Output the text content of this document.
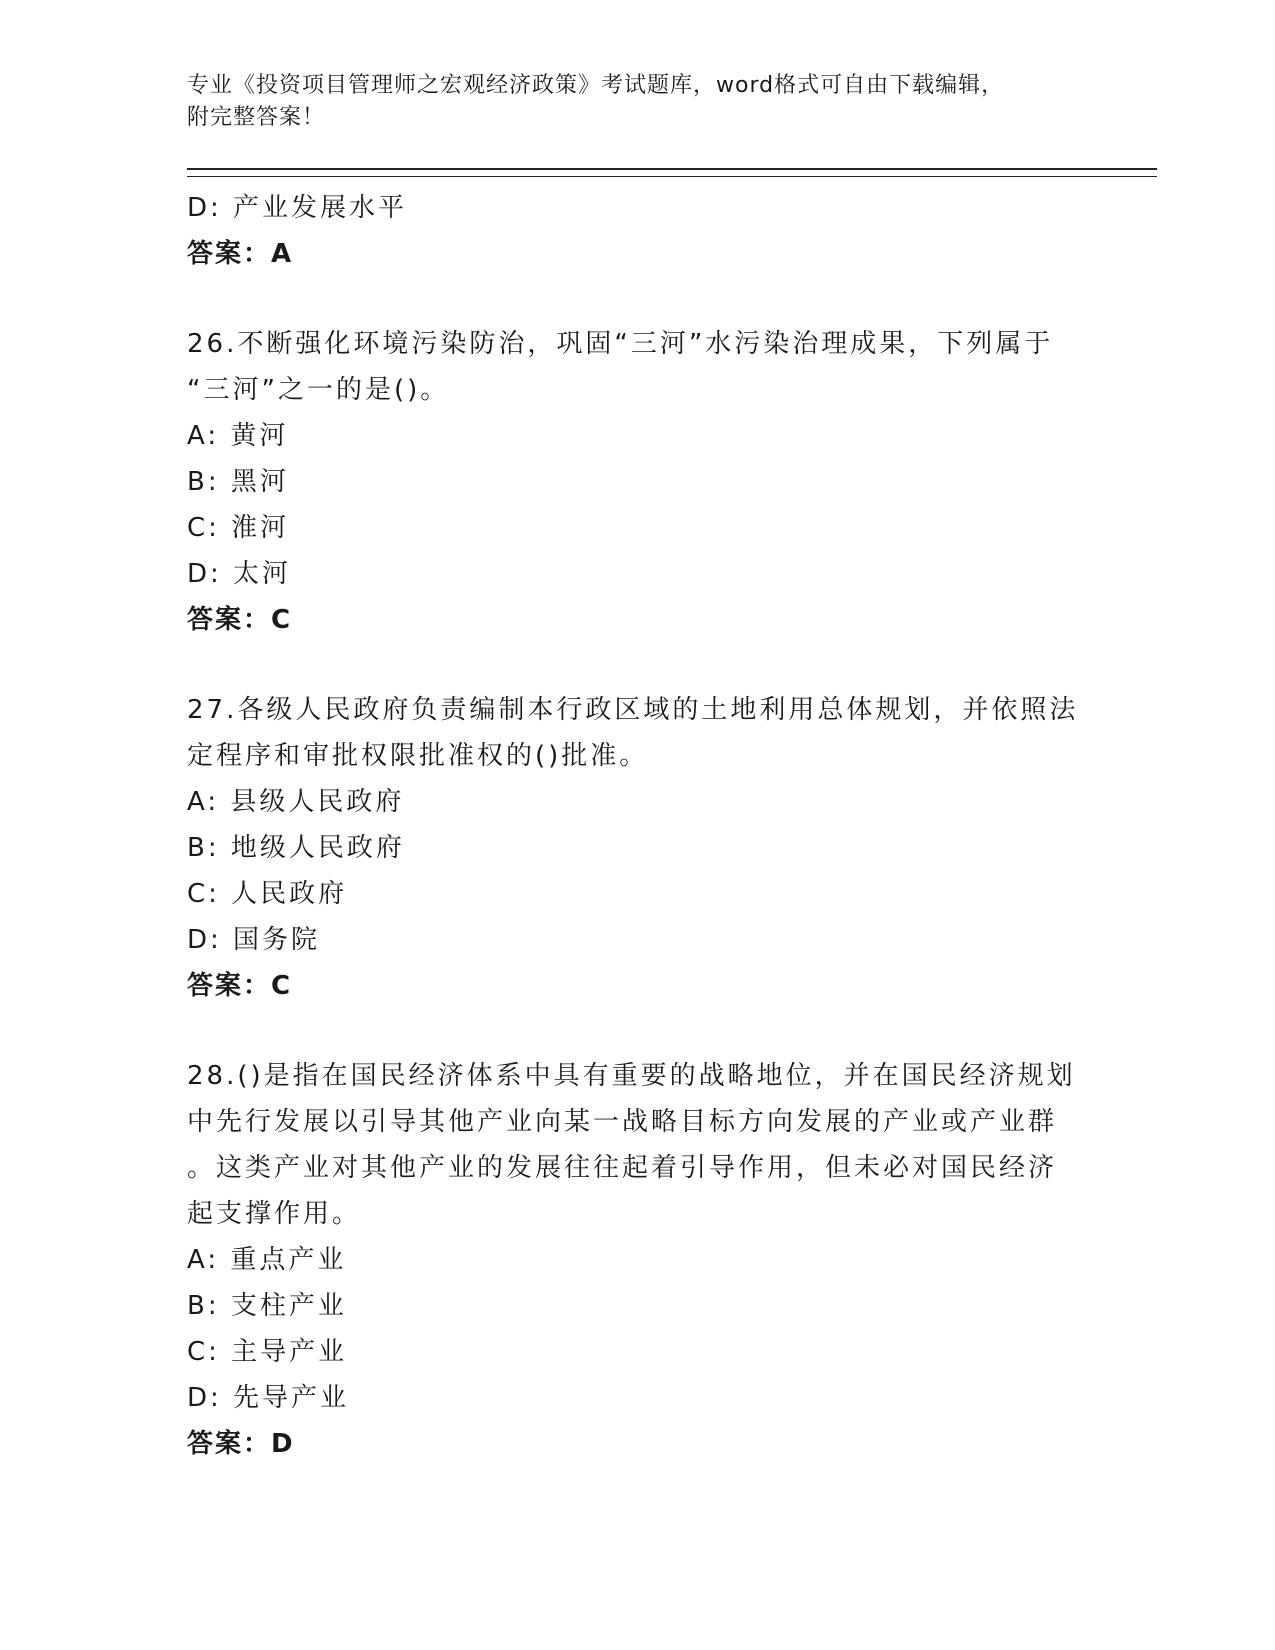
专业《投资项目管理师之宏观经济政策》考试题库，word格式可自由下载编辑，

附完整答案！

D: 产业发展水平

答案：A

26.不断强化环境污染防治，巩固“三河”水污染治理成果，下列属于

“三河”之一的是()。

A: 黄河

B: 黑河

C: 淮河

D: 太河

答案：C

27.各级人民政府负责编制本行政区域的土地利用总体规划，并依照法

定程序和审批权限批准权的()批准。

A: 县级人民政府

B: 地级人民政府

C: 人民政府

D: 国务院

答案：C

28.()是指在国民经济体系中具有重要的战略地位，并在国民经济规划

中先行发展以引导其他产业向某一战略目标方向发展的产业或产业群

。这类产业对其他产业的发展往往起着引导作用，但未必对国民经济

起支撑作用。

A: 重点产业

B: 支柱产业

C: 主导产业

D: 先导产业

答案：D
